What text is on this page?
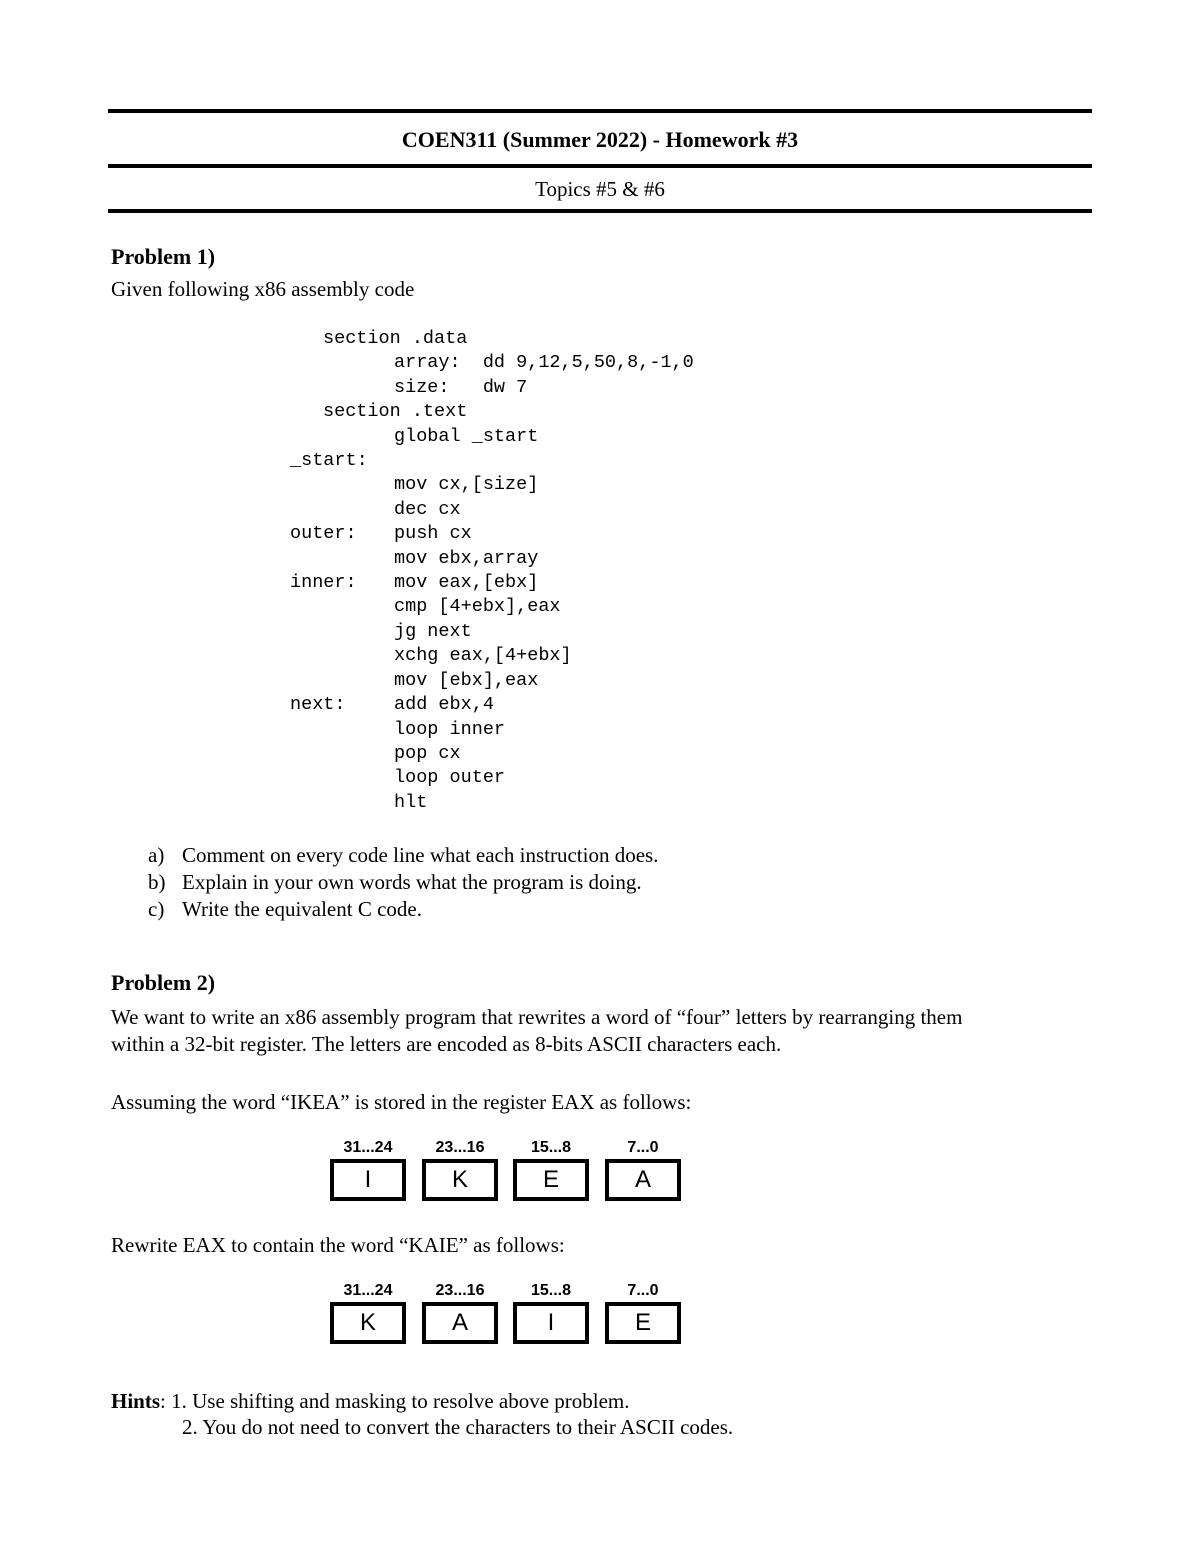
COEN311 (Summer 2022) - Homework #3
Topics #5 & #6
Problem 1)
Given following x86 assembly code
section .data
array:  dd 9,12,5,50,8,-1,0
size:   dw 7
section .text
global _start
_start:
mov cx,[size]
dec cx
outer: push cx
mov ebx,array
inner: mov eax,[ebx]
cmp [4+ebx],eax
jg next
xchg eax,[4+ebx]
mov [ebx],eax
next:	add ebx,4
loop inner
pop cx
loop outer
hlt
a) Comment on every code line what each instruction does.
b) Explain in your own words what the program is doing.
c) Write the equivalent C code.
Problem 2)
We want to write an x86 assembly program that rewrites a word of “four” letters by rearranging them
within a 32-bit register. The letters are encoded as 8-bits ASCII characters each.
Assuming the word “IKEA” is stored in the register EAX as follows:
31...24
I
23...16
K
15...8
E
7...0
A
Rewrite EAX to contain the word “KAIE” as follows:
31...24
K
23...16
A
15...8
I
7...0
E
Hints: 1. Use shifting and masking to resolve above problem.
2. You do not need to convert the characters to their ASCII codes.
